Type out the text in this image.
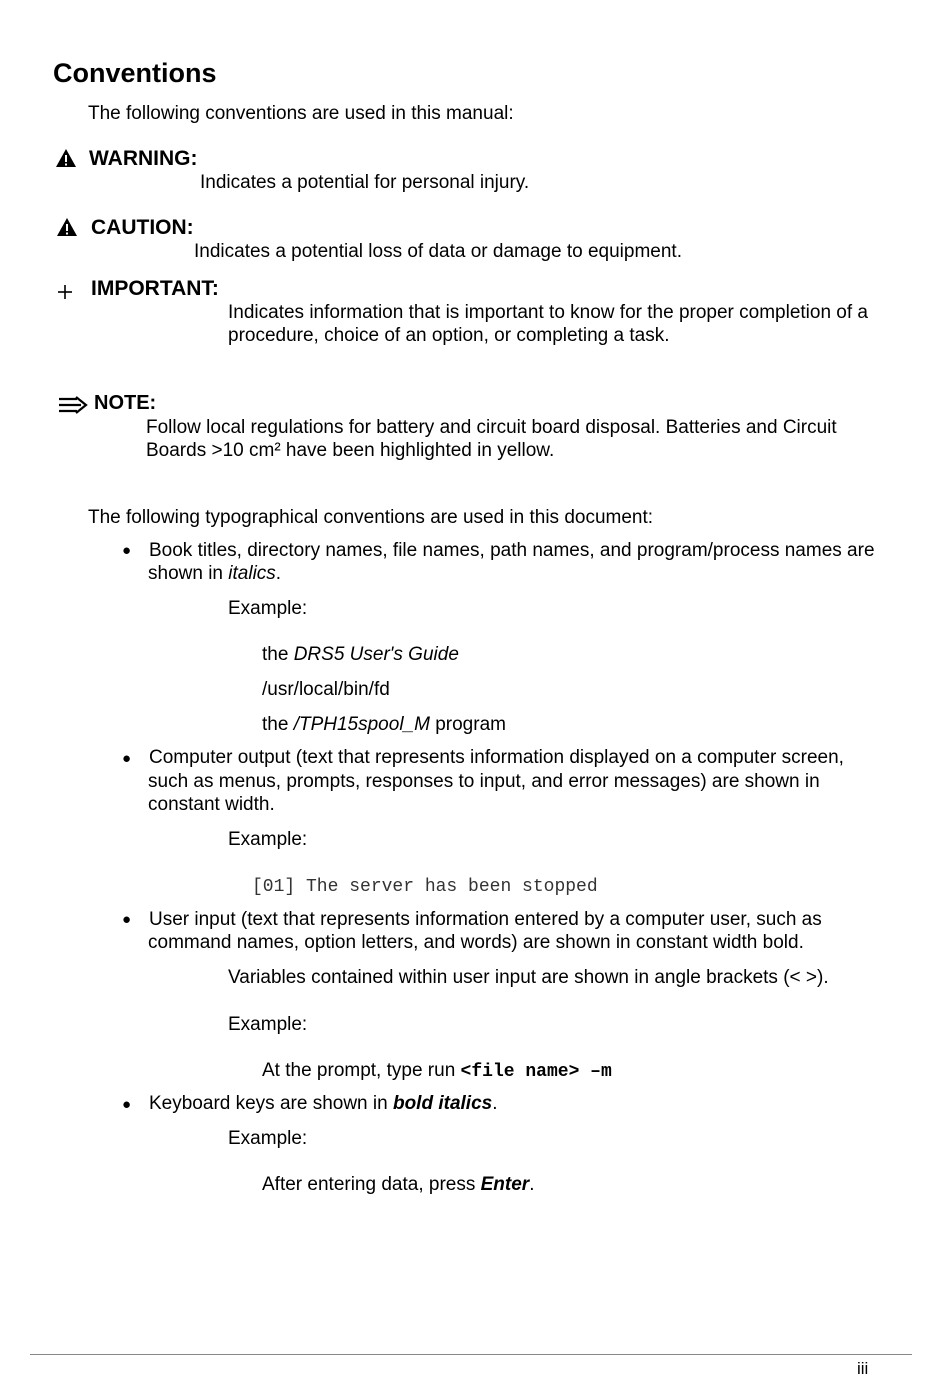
Conventions
The following conventions are used in this manual:
WARNING:
Indicates a potential for personal injury.
CAUTION:
Indicates a potential loss of data or damage to equipment.
IMPORTANT:
Indicates information that is important to know for the proper completion of a
procedure, choice of an option, or completing a task.
NOTE:
Follow local regulations for battery and circuit board disposal. Batteries and Circuit
Boards >10 cm² have been highlighted in yellow.
The following typographical conventions are used in this document:
● Book titles, directory names, file names, path names, and program/process names are
shown in italics.
Example:
the DRS5 User's Guide
/usr/local/bin/fd
the /TPH15spool_M program
● Computer output (text that represents information displayed on a computer screen,
such as menus, prompts, responses to input, and error messages) are shown in
constant width.
Example:
[01] The server has been stopped
● User input (text that represents information entered by a computer user, such as
command names, option letters, and words) are shown in constant width bold.
Variables contained within user input are shown in angle brackets (< >).
Example:
At the prompt, type run <file name> –m
● Keyboard keys are shown in bold italics.
Example:
After entering data, press Enter.
iii
